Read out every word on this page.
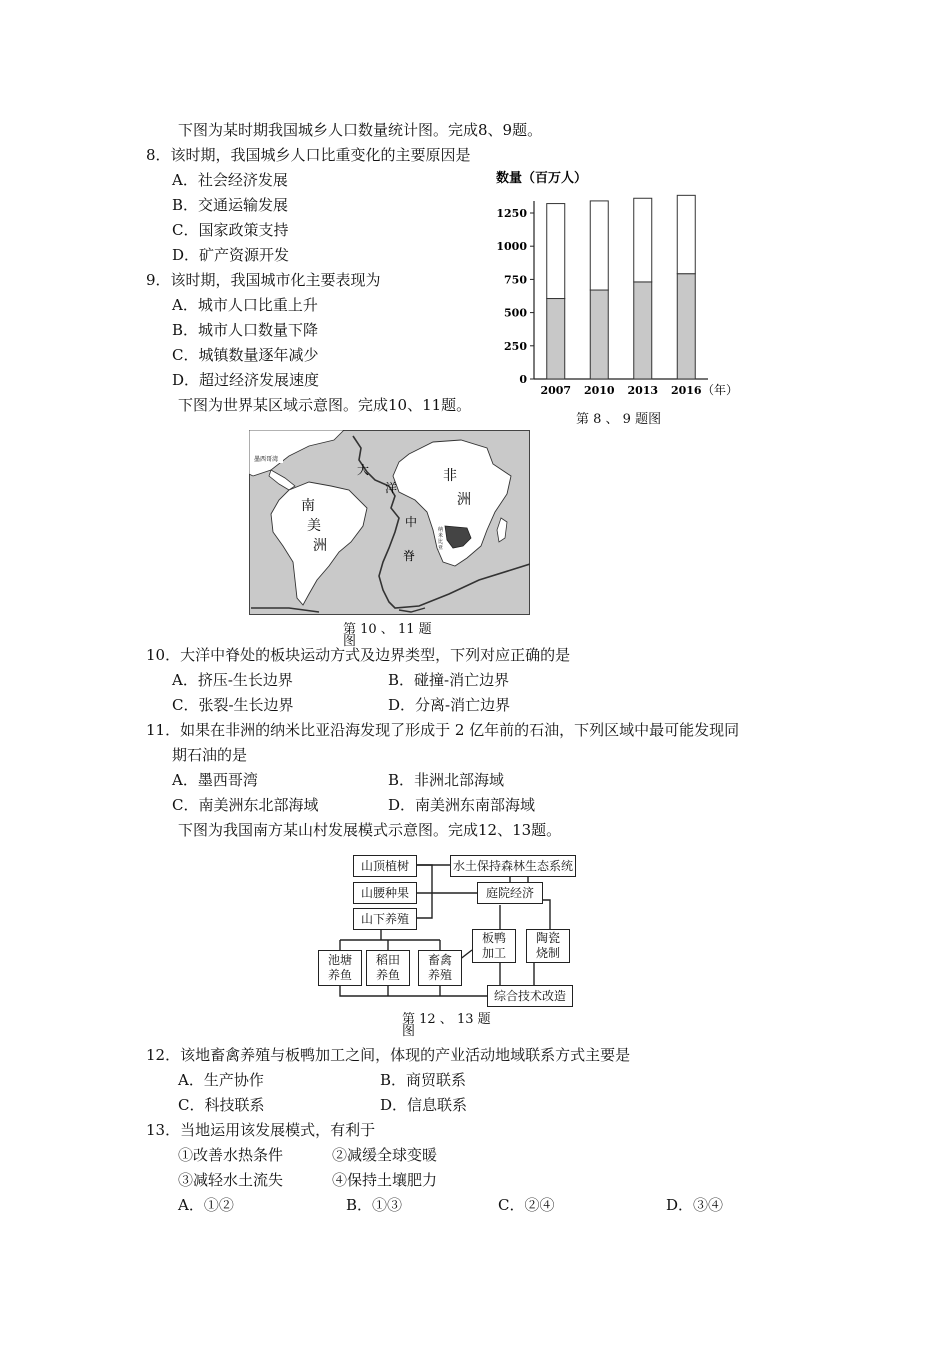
下图为某时期我国城乡人口数量统计图。完成8、9题。
8．该时期，我国城乡人口比重变化的主要原因是
A．社会经济发展
B．交通运输发展
C．国家政策支持
D．矿产资源开发
9．该时期，我国城市化主要表现为
A．城市人口比重上升
B．城市人口数量下降
C．城镇数量逐年减少
D．超过经济发展速度
数量（百万人）
0
250
500
750
1000
1250
2007 2010 2013 2016 （年）
第 8 、 9 题图
下图为世界某区域示意图。完成10、11题。
墨西哥湾
南
美
洲
大
洋
中
脊
非
洲
纳
米
比
亚
第 10 、 11 题
图
10．大洋中脊处的板块运动方式及边界类型，下列对应正确的是
A．挤压-生长边界	B．碰撞-消亡边界
C．张裂-生长边界	D．分离-消亡边界
11．如果在非洲的纳米比亚沿海发现了形成于 2 亿年前的石油，下列区域中最可能发现同
期石油的是
A．墨西哥湾	B．非洲北部海域
C．南美洲东北部海域	D．南美洲东南部海域
下图为我国南方某山村发展模式示意图。完成12、13题。
山顶植树
山腰种果
山下养殖
水土保持森林生态系统
庭院经济
池塘
养鱼
稻田
养鱼
畜禽
养殖
板鸭
加工
陶瓷
烧制
综合技术改造
第 12 、 13 题
图
12．该地畜禽养殖与板鸭加工之间，体现的产业活动地域联系方式主要是
A．生产协作	B．商贸联系
C．科技联系	D．信息联系
13．当地运用该发展模式，有利于
①改善水热条件	②减缓全球变暖
③减轻水土流失	④保持土壤肥力
A．①②	B．①③	C．②④	D．③④
